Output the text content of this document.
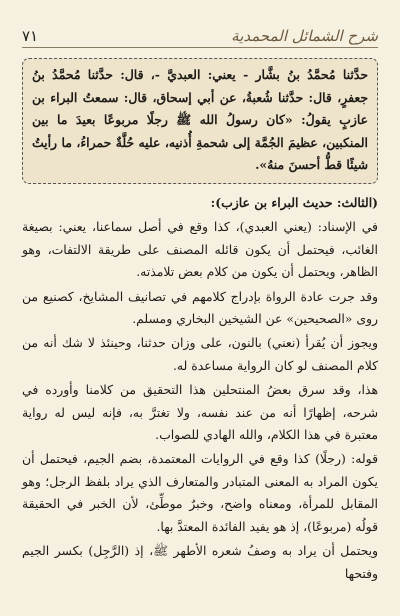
شرح الشمائل المحمدية
٧١

حدَّثنا مُحمَّدُ بنُ بشَّار - يعني: العبديَّ -، قال: حدَّثنا مُحمَّدُ بنُ جعفرٍ، قال: حدَّثنا شُعبةُ، عن أبي إسحاق، قال: سمعتُ البراء بن عازبٍ يقولُ: «كان رسولُ الله ﷺ رجلًا مربوعًا بعيدَ ما بين المنكبين، عظيمَ الجُمَّة إلى شحمةِ أُذنيه، عليه حُلَّةٌ حمراءُ، ما رأيتُ شيئًا قطُّ أحسنَ منهُ».

(الثالث: حديث البراء بن عازب):

في الإسناد: (يعني العبدي)، كذا وقع في أصل سماعنا، يعني: بصيغة الغائب، فيحتمل أن يكون قائله المصنف على طريقة الالتفات، وهو الظاهر، ويحتمل أن يكون من كلام بعض تلامذته.

وقد جرت عادة الرواة بإدراج كلامهم في تصانيف المشايخ، كصنيع من روى «الصحيحين» عن الشيخين البخاري ومسلم.

ويجوز أن يُقرأ (نعني) بالنون، على وزان حدثنا، وحينئذ لا شك أنه من كلام المصنف لو كان الرواية مساعدة له.

هذا، وقد سرق بعضُ المنتحلين هذا التحقيق من كلامنا وأورده في شرحه، إظهارًا أنه من عند نفسه، ولا تغترَّ به، فإنه ليس له رواية معتبرة في هذا الكلام، والله الهادي للصواب.

قوله: (رجلًا) كذا وقع في الروايات المعتمدة، بضم الجيم، فيحتمل أن يكون المراد به المعنى المتبادر والمتعارف الذي يراد بلفظ الرجل؛ وهو المقابل للمرأة، ومعناه واضح، وخبرٌ موطِّئ، لأن الخبر في الحقيقة قولُه (مربوعًا)، إذ هو يفيد الفائدة المعتدَّ بها.

ويحتمل أن يراد به وصفُ شعره الأطهر ﷺ، إذ (الرَّجِل) بكسر الجيم وفتحها
